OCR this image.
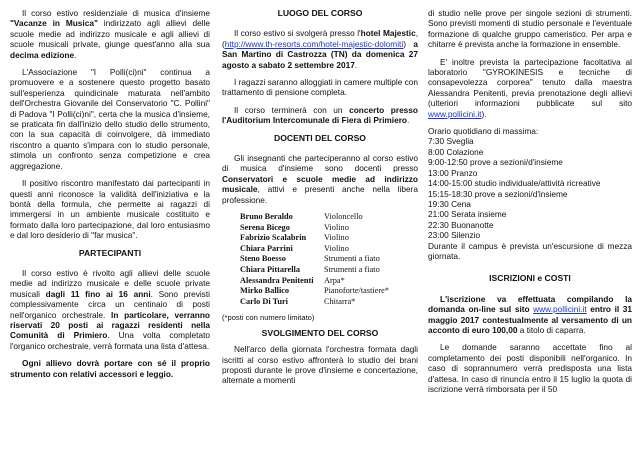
Il corso estivo residenziale di musica d'insieme "Vacanze in Musica" indirizzato agli allievi delle scuole medie ad indirizzo musicale e agli allievi di scuole musicali private, giunge quest'anno alla sua decima edizione.

L'Associazione "I Polli(ci)ni" continua a promuovere e a sostenere questo progetto basato sull'esperienza quindicinale maturata nell'ambito dell'Orchestra Giovanile del Conservatorio "C. Pollini" di Padova "I Polli(ci)ni", certa che la musica d'insieme, se praticata fin dall'inizio dello studio dello strumento, con la sua capacità di coinvolgere, dà immediato riscontro a quanto s'impara con lo studio personale, stimola un confronto senza competizione e crea aggregazione.

Il positivo riscontro manifestato dai partecipanti in questi anni riconosce la validità dell'iniziativa e la bontà della formula, che permette ai ragazzi di immergersi in un ambiente musicale costituito e formato dalla loro partecipazione, dal loro entusiasmo e dal loro desiderio di "far musica".

PARTECIPANTI

Il corso estivo è rivolto agli allievi delle scuole medie ad indirizzo musicale e delle scuole private musicali dagli 11 fino ai 16 anni. Sono previsti complessivamente circa un centinaio di posti nell'organico orchestrale. In particolare, verranno riservati 20 posti ai ragazzi residenti nella Comunità di Primiero. Una volta completato l'organico orchestrale, verrà formata una lista d'attesa.

Ogni allievo dovrà portare con sé il proprio strumento con relativi accessori e leggio.

LUOGO DEL CORSO

Il corso estivo si svolgerà presso l'hotel Majestic, (http://www.th-resorts.com/hotel-majestic-dolomiti) a San Martino di Castrozza (TN) da domenica 27 agosto a sabato 2 settembre 2017.

I ragazzi saranno alloggiati in camere multiple con trattamento di pensione completa.

Il corso terminerà con un concerto presso l'Auditorium Intercomunale di Fiera di Primiero.

DOCENTI DEL CORSO

Gli insegnanti che parteciperanno al corso estivo di musica d'insieme sono docenti presso Conservatori e scuole medie ad indirizzo musicale, attivi e presenti anche nella libera professione.

Bruno Beraldo	Violoncello
Serena Bicego	Violino
Fabrizio Scalabrin	Violino
Chiara Parrini	Violino
Steno Boesso	Strumenti a fiato
Chiara Pittarella	Strumenti a fiato
Alessandra Penitenti	Arpa*
Mirko Ballico	Pianoforte/tastiere*
Carlo Di Turi	Chitarra*

(*posti con numero limitato)

SVOLGIMENTO DEL CORSO

Nell'arco della giornata l'orchestra formata dagli iscritti al corso estivo affronterà lo studio dei brani proposti durante le prove d'insieme e concertazione, alternate a momenti

di studio nelle prove per singole sezioni di strumenti. Sono previsti momenti di studio personale e l'eventuale formazione di qualche gruppo cameristico. Per arpa e chitarre è prevista anche la formazione in ensemble.

E' inoltre prevista la partecipazione facoltativa al laboratorio "GYROKINESIS e tecniche di consapevolezza corporea" tenuto dalla maestra Alessandra Penitenti, previa prenotazione degli allievi (ulteriori informazioni pubblicate sul sito www.pollicini.it).

Orario quotidiano di massima:
7:30 Sveglia
8:00 Colazione
9:00-12:50 prove a sezioni/d'insieme
13:00 Pranzo
14:00-15:00 studio individuale/attività ricreative
15:15-18:30 prove a sezioni/d'insieme
19:30 Cena
21:00 Serata insieme
22:30 Buonanotte
23:00 Silenzio

Durante il campus è prevista un'escursione di mezza giornata.

ISCRIZIONI e COSTI

L'iscrizione va effettuata compilando la domanda on-line sul sito www.pollicini.it entro il 31 maggio 2017 contestualmente al versamento di un acconto di euro 100,00 a titolo di caparra.

Le domande saranno accettate fino al completamento dei posti disponibili nell'organico. In caso di soprannumero verrà predisposta una lista d'attesa. In caso di rinuncia entro il 15 luglio la quota di iscrizione verrà rimborsata per il 50
